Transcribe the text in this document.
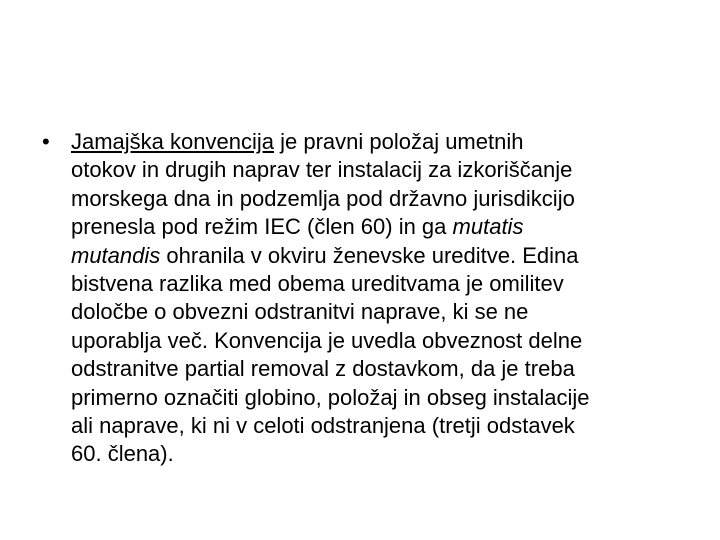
• Jamajška konvencija je pravni položaj umetnih
otokov in drugih naprav ter instalacij za izkoriščanje
morskega dna in podzemlja pod državno jurisdikcijo
prenesla pod režim IEC (člen 60) in ga mutatis
mutandis ohranila v okviru ženevske ureditve. Edina
bistvena razlika med obema ureditvama je omilitev
določbe o obvezni odstranitvi naprave, ki se ne
uporablja več. Konvencija je uvedla obveznost delne
odstranitve partial removal z dostavkom, da je treba
primerno označiti globino, položaj in obseg instalacije
ali naprave, ki ni v celoti odstranjena (tretji odstavek
60. člena).
